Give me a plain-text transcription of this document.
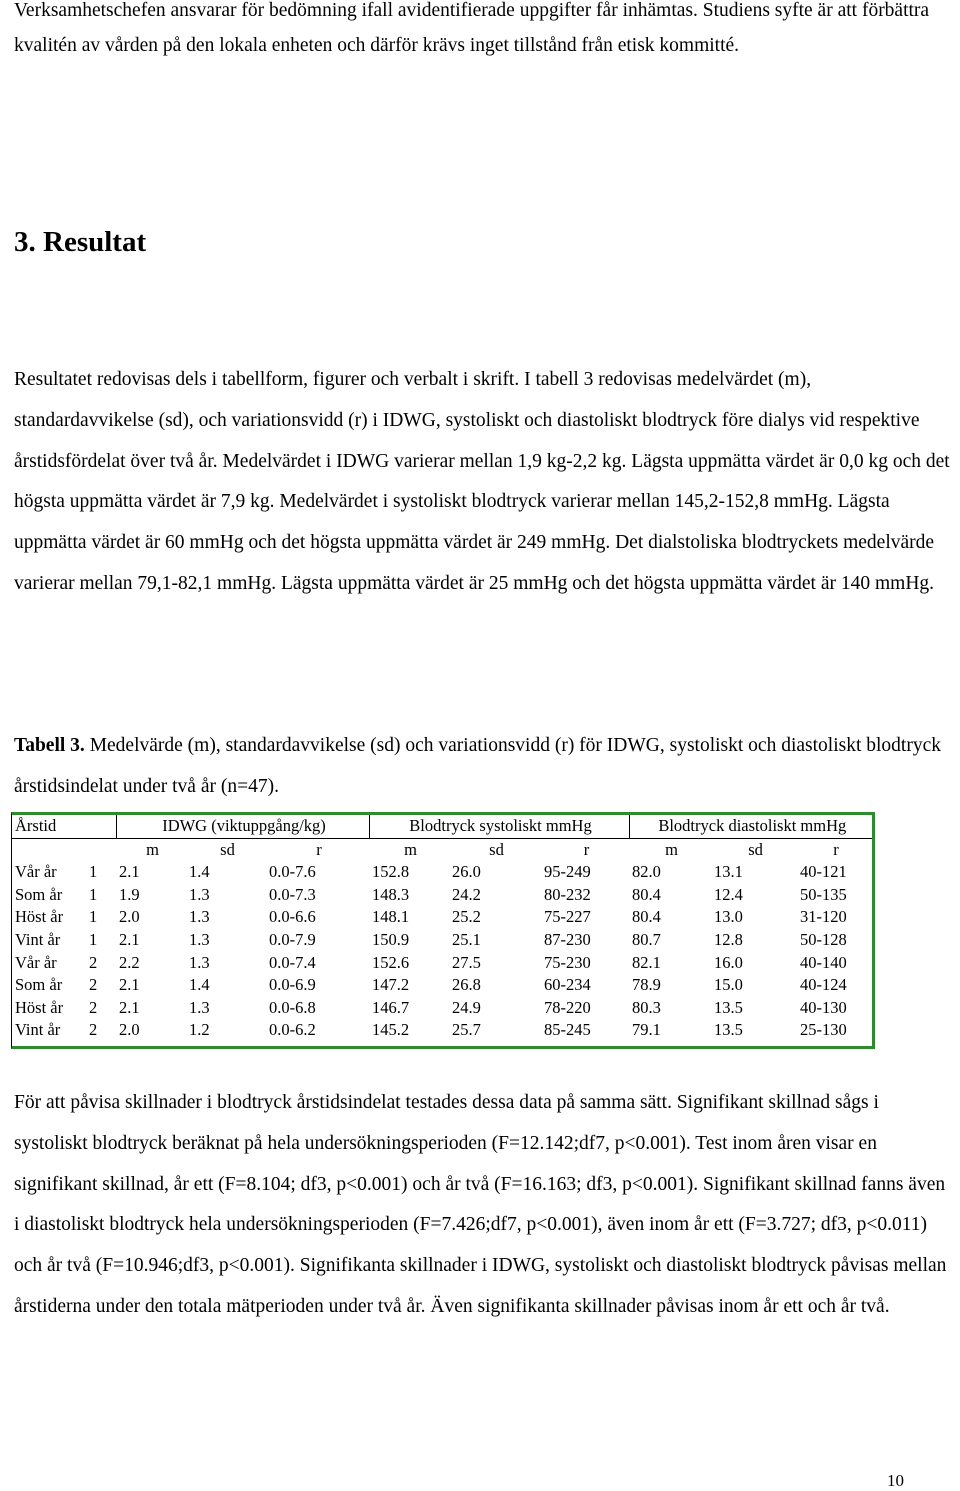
Verksamhetschefen ansvarar för bedömning ifall avidentifierade uppgifter får inhämtas. Studiens syfte är att förbättra kvalitén av vården på den lokala enheten och därför krävs inget tillstånd från etisk kommitté.

3. Resultat

Resultatet redovisas dels i tabellform, figurer och verbalt i skrift. I tabell 3 redovisas medelvärdet (m), standardavvikelse (sd), och variationsvidd (r) i IDWG, systoliskt och diastoliskt blodtryck före dialys vid respektive årstidsfördelat över två år. Medelvärdet i IDWG varierar mellan 1,9 kg-2,2 kg. Lägsta uppmätta värdet är 0,0 kg och det högsta uppmätta värdet är 7,9 kg. Medelvärdet i systoliskt blodtryck varierar mellan 145,2-152,8 mmHg. Lägsta uppmätta värdet är 60 mmHg och det högsta uppmätta värdet är 249 mmHg. Det dialstoliska blodtryckets medelvärde varierar mellan 79,1-82,1 mmHg. Lägsta uppmätta värdet är 25 mmHg och det högsta uppmätta värdet är 140 mmHg.

Tabell 3. Medelvärde (m), standardavvikelse (sd) och variationsvidd (r) för IDWG, systoliskt och diastoliskt blodtryck årstidsindelat under två år (n=47).

Årstid		IDWG (viktuppgång/kg)			Blodtryck systoliskt mmHg			Blodtryck diastoliskt mmHg		
		m	sd	r	m	sd	r	m	sd	r
Vår år	1	2.1	1.4	0.0-7.6	152.8	26.0	95-249	82.0	13.1	40-121
Som år	1	1.9	1.3	0.0-7.3	148.3	24.2	80-232	80.4	12.4	50-135
Höst år	1	2.0	1.3	0.0-6.6	148.1	25.2	75-227	80.4	13.0	31-120
Vint år	1	2.1	1.3	0.0-7.9	150.9	25.1	87-230	80.7	12.8	50-128
Vår år	2	2.2	1.3	0.0-7.4	152.6	27.5	75-230	82.1	16.0	40-140
Som år	2	2.1	1.4	0.0-6.9	147.2	26.8	60-234	78.9	15.0	40-124
Höst år	2	2.1	1.3	0.0-6.8	146.7	24.9	78-220	80.3	13.5	40-130
Vint år	2	2.0	1.2	0.0-6.2	145.2	25.7	85-245	79.1	13.5	25-130

För att påvisa skillnader i blodtryck årstidsindelat testades dessa data på samma sätt. Signifikant skillnad sågs i systoliskt blodtryck beräknat på hela undersökningsperioden (F=12.142;df7, p<0.001). Test inom åren visar en signifikant skillnad, år ett (F=8.104; df3, p<0.001) och år två (F=16.163; df3, p<0.001). Signifikant skillnad fanns även i diastoliskt blodtryck hela undersökningsperioden (F=7.426;df7, p<0.001), även inom år ett (F=3.727; df3, p<0.011) och år två (F=10.946;df3, p<0.001). Signifikanta skillnader i IDWG, systoliskt och diastoliskt blodtryck påvisas mellan årstiderna under den totala mätperioden under två år. Även signifikanta skillnader påvisas inom år ett och år två.

10
